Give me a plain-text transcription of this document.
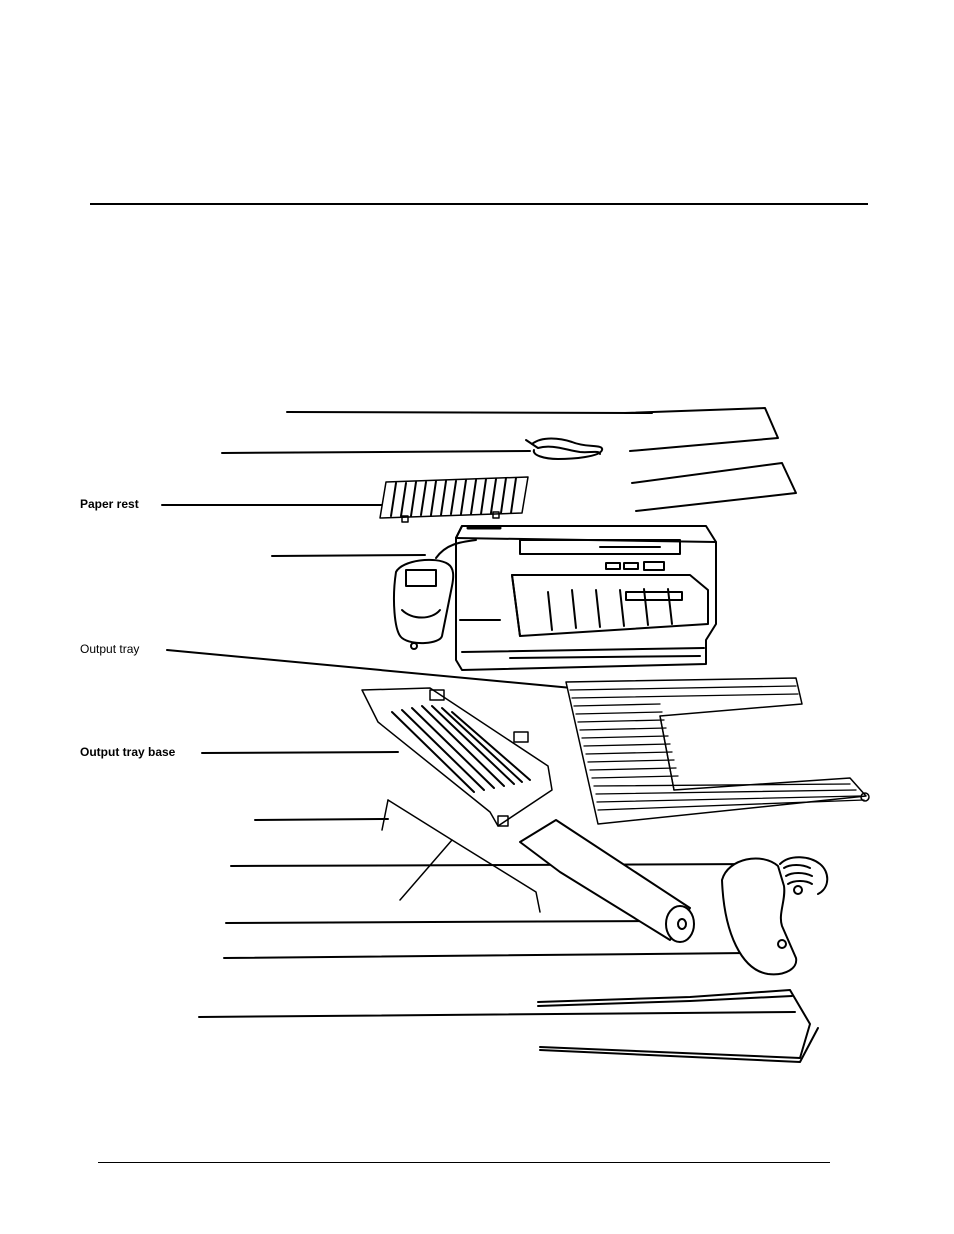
Paper rest
Output tray
Output tray base
